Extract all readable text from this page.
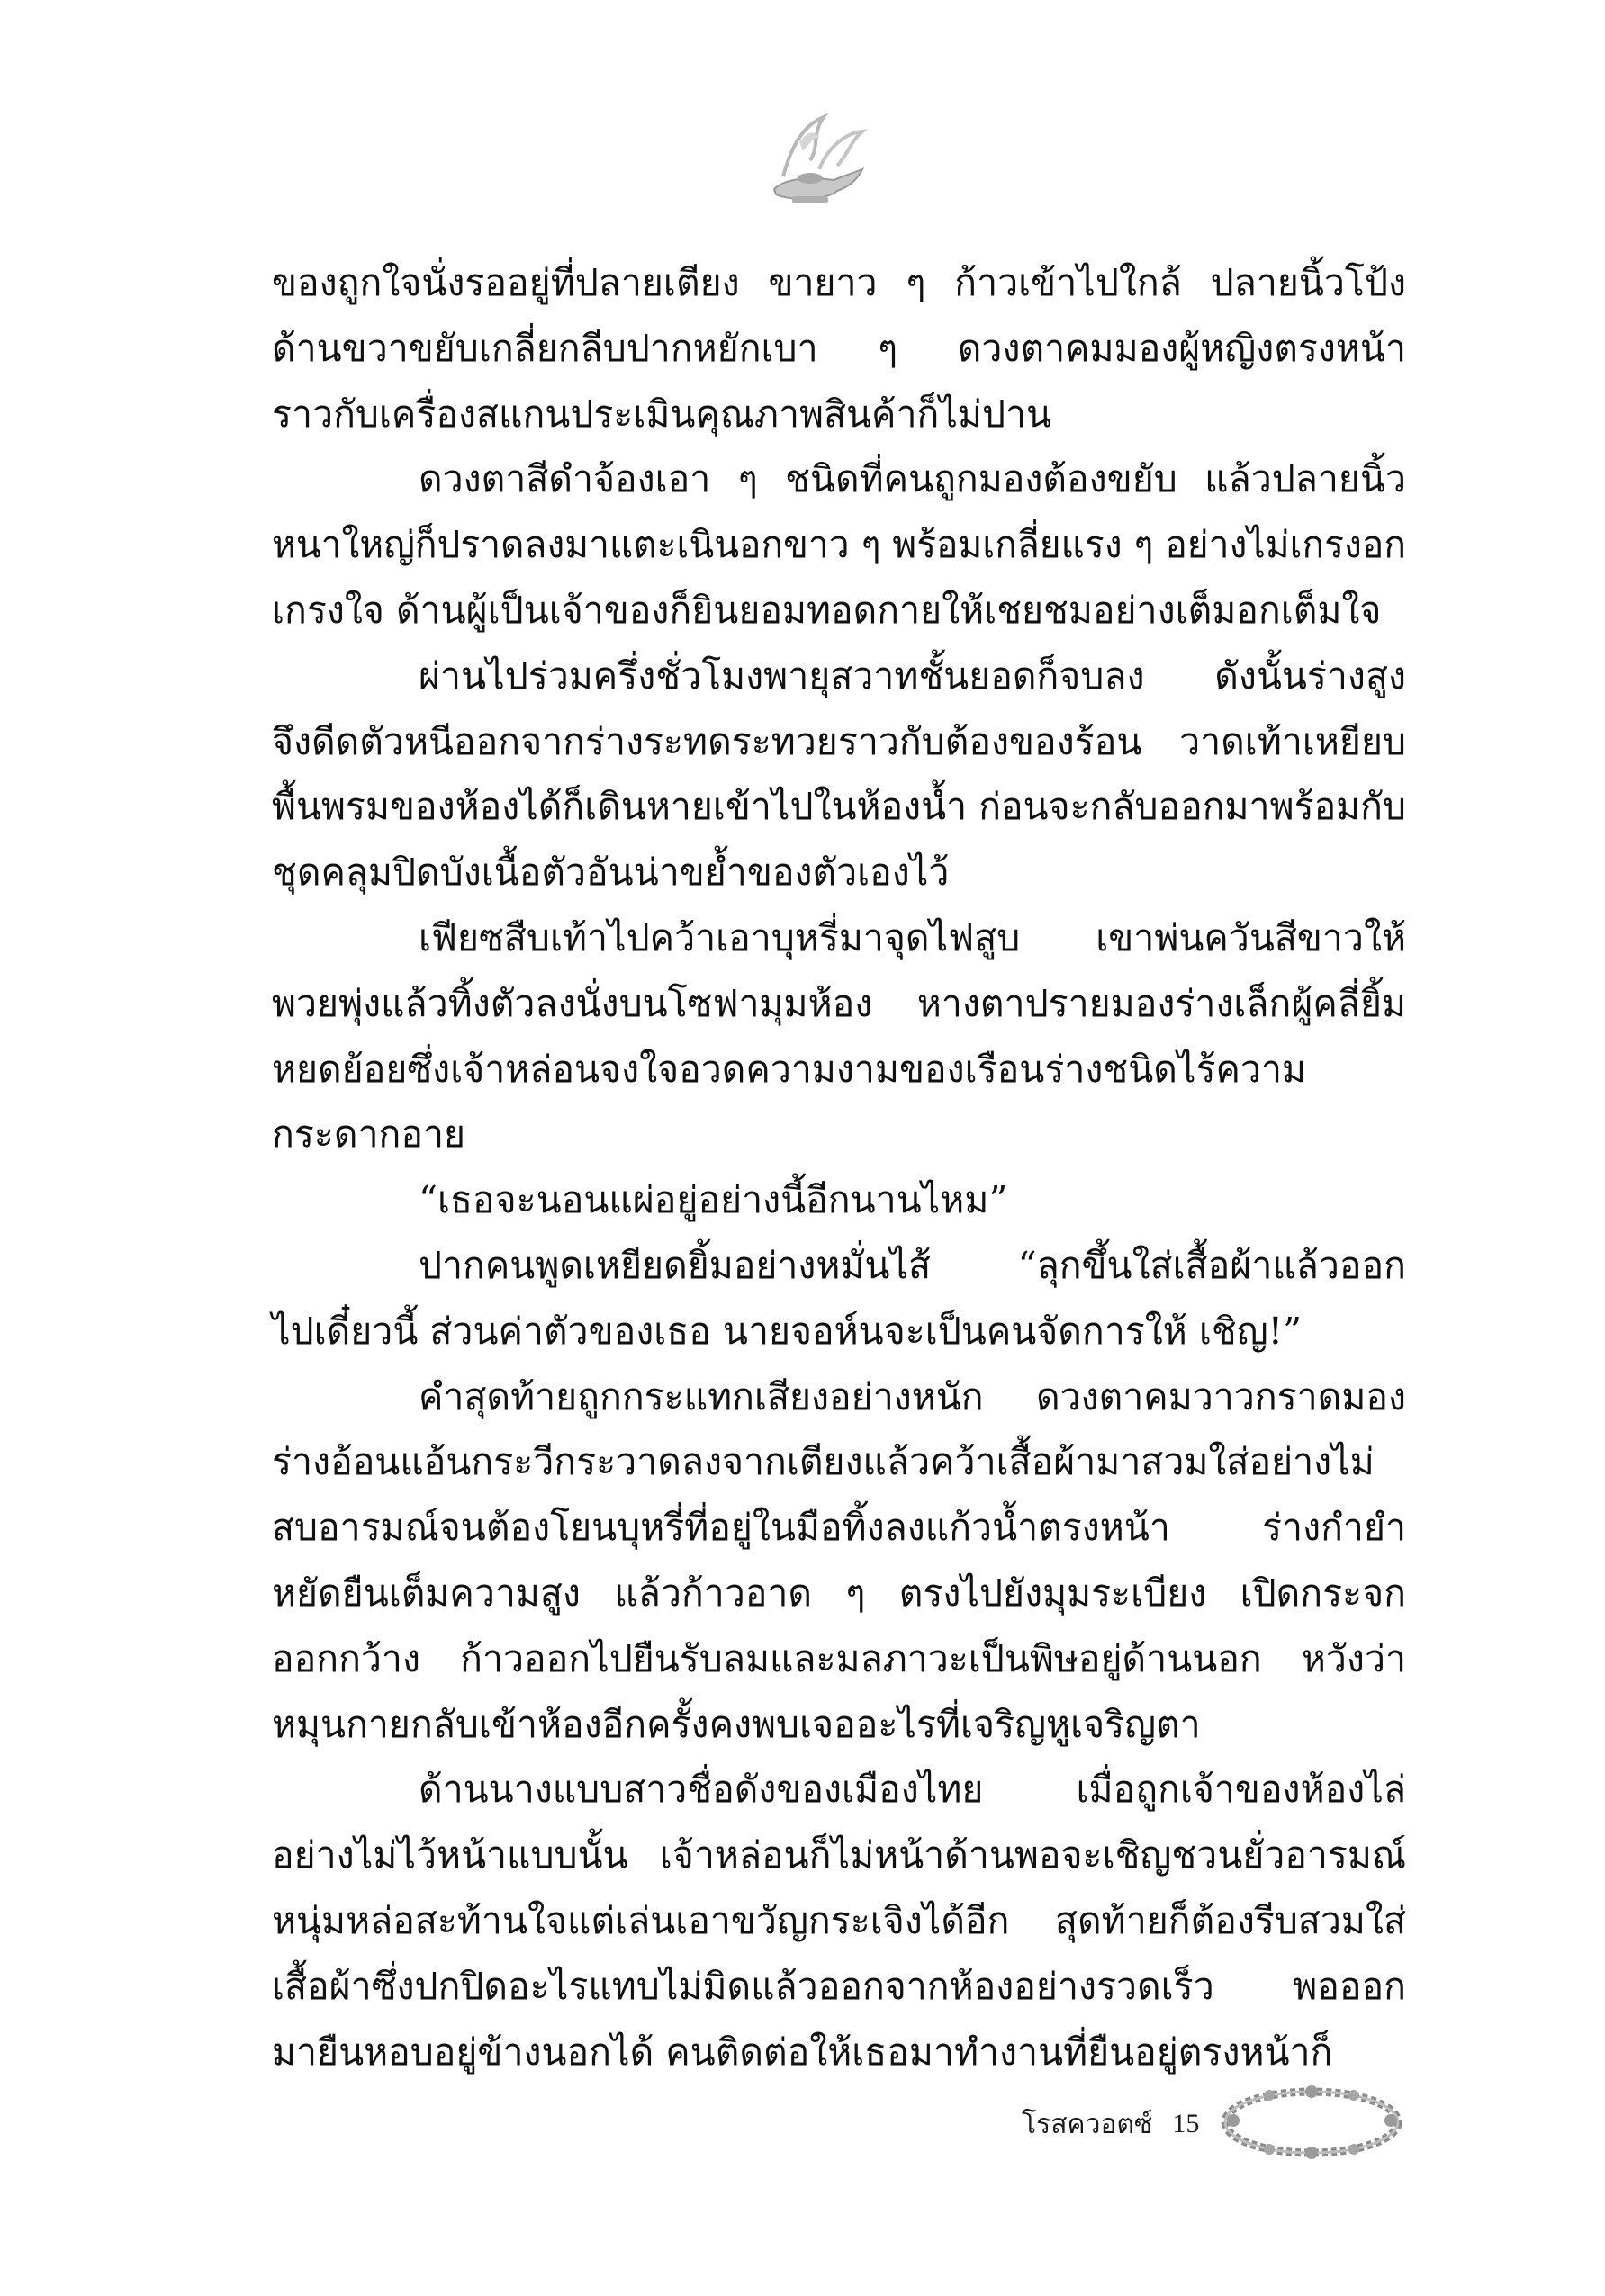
ของถูกใจนั่งรออยู่ที่ปลายเตียง ขายาว ๆ ก้าวเข้าไปใกล้ ปลายนิ้วโป้ง
ด้านขวาขยับเกลี่ยกลีบปากหยักเบา ๆ ดวงตาคมมองผู้หญิงตรงหน้า
ราวกับเครื่องสแกนประเมินคุณภาพสินค้าก็ไม่ปาน
ดวงตาสีดำจ้องเอา ๆ ชนิดที่คนถูกมองต้องขยับ แล้วปลายนิ้ว
หนาใหญ่ก็ปราดลงมาแตะเนินอกขาว ๆ พร้อมเกลี่ยแรง ๆ อย่างไม่เกรงอก
เกรงใจ ด้านผู้เป็นเจ้าของก็ยินยอมทอดกายให้เชยชมอย่างเต็มอกเต็มใจ
ผ่านไปร่วมครึ่งชั่วโมงพายุสวาทชั้นยอดก็จบลง ดังนั้นร่างสูง
จึงดีดตัวหนีออกจากร่างระทดระทวยราวกับต้องของร้อน วาดเท้าเหยียบ
พื้นพรมของห้องได้ก็เดินหายเข้าไปในห้องน้ำ ก่อนจะกลับออกมาพร้อมกับ
ชุดคลุมปิดบังเนื้อตัวอันน่าขย้ำของตัวเองไว้
เฟียซสืบเท้าไปคว้าเอาบุหรี่มาจุดไฟสูบ เขาพ่นควันสีขาวให้
พวยพุ่งแล้วทิ้งตัวลงนั่งบนโซฟามุมห้อง หางตาปรายมองร่างเล็กผู้คลี่ยิ้ม
หยดย้อยซึ่งเจ้าหล่อนจงใจอวดความงามของเรือนร่างชนิดไร้ความ
กระดากอาย
“เธอจะนอนแผ่อยู่อย่างนี้อีกนานไหม”
ปากคนพูดเหยียดยิ้มอย่างหมั่นไส้ “ลุกขึ้นใส่เสื้อผ้าแล้วออก
ไปเดี๋ยวนี้ ส่วนค่าตัวของเธอ นายจอห์นจะเป็นคนจัดการให้ เชิญ!”
คำสุดท้ายถูกกระแทกเสียงอย่างหนัก ดวงตาคมวาวกราดมอง
ร่างอ้อนแอ้นกระวีกระวาดลงจากเตียงแล้วคว้าเสื้อผ้ามาสวมใส่อย่างไม่
สบอารมณ์จนต้องโยนบุหรี่ที่อยู่ในมือทิ้งลงแก้วน้ำตรงหน้า ร่างกำยำ
หยัดยืนเต็มความสูง แล้วก้าวอาด ๆ ตรงไปยังมุมระเบียง เปิดกระจก
ออกกว้าง ก้าวออกไปยืนรับลมและมลภาวะเป็นพิษอยู่ด้านนอก หวังว่า
หมุนกายกลับเข้าห้องอีกครั้งคงพบเจออะไรที่เจริญหูเจริญตา
ด้านนางแบบสาวชื่อดังของเมืองไทย เมื่อถูกเจ้าของห้องไล่
อย่างไม่ไว้หน้าแบบนั้น เจ้าหล่อนก็ไม่หน้าด้านพอจะเชิญชวนยั่วอารมณ์
หนุ่มหล่อสะท้านใจแต่เล่นเอาขวัญกระเจิงได้อีก สุดท้ายก็ต้องรีบสวมใส่
เสื้อผ้าซึ่งปกปิดอะไรแทบไม่มิดแล้วออกจากห้องอย่างรวดเร็ว พอออก
มายืนหอบอยู่ข้างนอกได้ คนติดต่อให้เธอมาทำงานที่ยืนอยู่ตรงหน้าก็
โรสควอตซ์ 15
